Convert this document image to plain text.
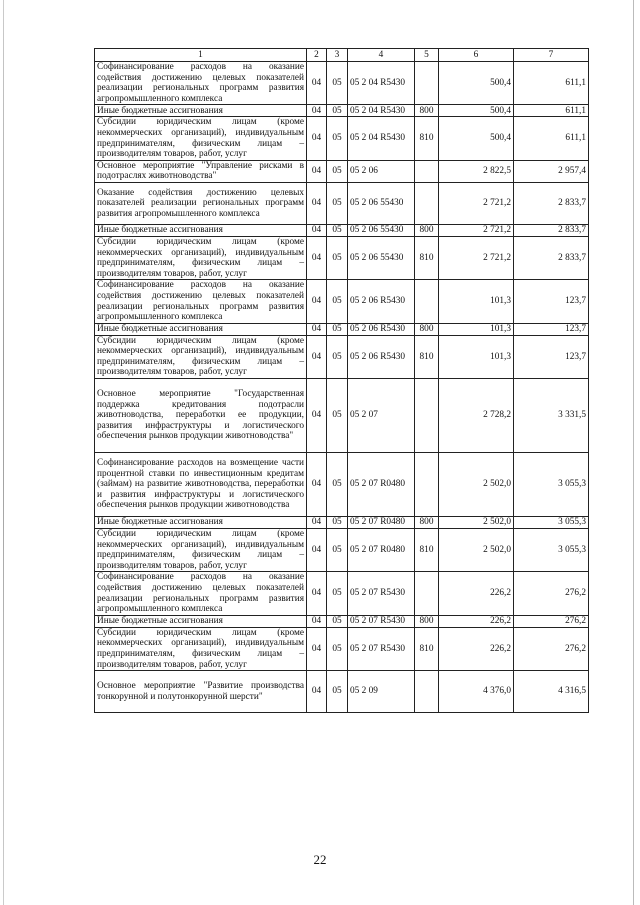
1	2	3	4	5	6	7
Софинансирование расходов на оказание содействия достижению целевых показателей реализации региональных программ развития агропромышленного комплекса	04	05	05 2 04 R5430		500,4	611,1
Иные бюджетные ассигнования	04	05	05 2 04 R5430	800	500,4	611,1
Субсидии юридическим лицам (кроме некоммерческих организаций), индивидуальным предпринимателям, физическим лицам – производителям товаров, работ, услуг	04	05	05 2 04 R5430	810	500,4	611,1
Основное мероприятие "Управление рисками в подотраслях животноводства"	04	05	05 2 06		2 822,5	2 957,4
Оказание содействия достижению целевых показателей реализации региональных программ развития агропромышленного комплекса	04	05	05 2 06 55430		2 721,2	2 833,7
Иные бюджетные ассигнования	04	05	05 2 06 55430	800	2 721,2	2 833,7
Субсидии юридическим лицам (кроме некоммерческих организаций), индивидуальным предпринимателям, физическим лицам – производителям товаров, работ, услуг	04	05	05 2 06 55430	810	2 721,2	2 833,7
Софинансирование расходов на оказание содействия достижению целевых показателей реализации региональных программ развития агропромышленного комплекса	04	05	05 2 06 R5430		101,3	123,7
Иные бюджетные ассигнования	04	05	05 2 06 R5430	800	101,3	123,7
Субсидии юридическим лицам (кроме некоммерческих организаций), индивидуальным предпринимателям, физическим лицам – производителям товаров, работ, услуг	04	05	05 2 06 R5430	810	101,3	123,7
Основное мероприятие "Государственная поддержка кредитования подотрасли животноводства, переработки ее продукции, развития инфраструктуры и логистического обеспечения рынков продукции животноводства"	04	05	05 2 07		2 728,2	3 331,5
Софинансирование расходов на возмещение части процентной ставки по инвестиционным кредитам (займам) на развитие животноводства, переработки и развития инфраструктуры и логистического обеспечения рынков продукции животноводства	04	05	05 2 07 R0480		2 502,0	3 055,3
Иные бюджетные ассигнования	04	05	05 2 07 R0480	800	2 502,0	3 055,3
Субсидии юридическим лицам (кроме некоммерческих организаций), индивидуальным предпринимателям, физическим лицам – производителям товаров, работ, услуг	04	05	05 2 07 R0480	810	2 502,0	3 055,3
Софинансирование расходов на оказание содействия достижению целевых показателей реализации региональных программ развития агропромышленного комплекса	04	05	05 2 07 R5430		226,2	276,2
Иные бюджетные ассигнования	04	05	05 2 07 R5430	800	226,2	276,2
Субсидии юридическим лицам (кроме некоммерческих организаций), индивидуальным предпринимателям, физическим лицам – производителям товаров, работ, услуг	04	05	05 2 07 R5430	810	226,2	276,2
Основное мероприятие "Развитие производства тонкорунной и полутонкорунной шерсти"	04	05	05 2 09		4 376,0	4 316,5
22
